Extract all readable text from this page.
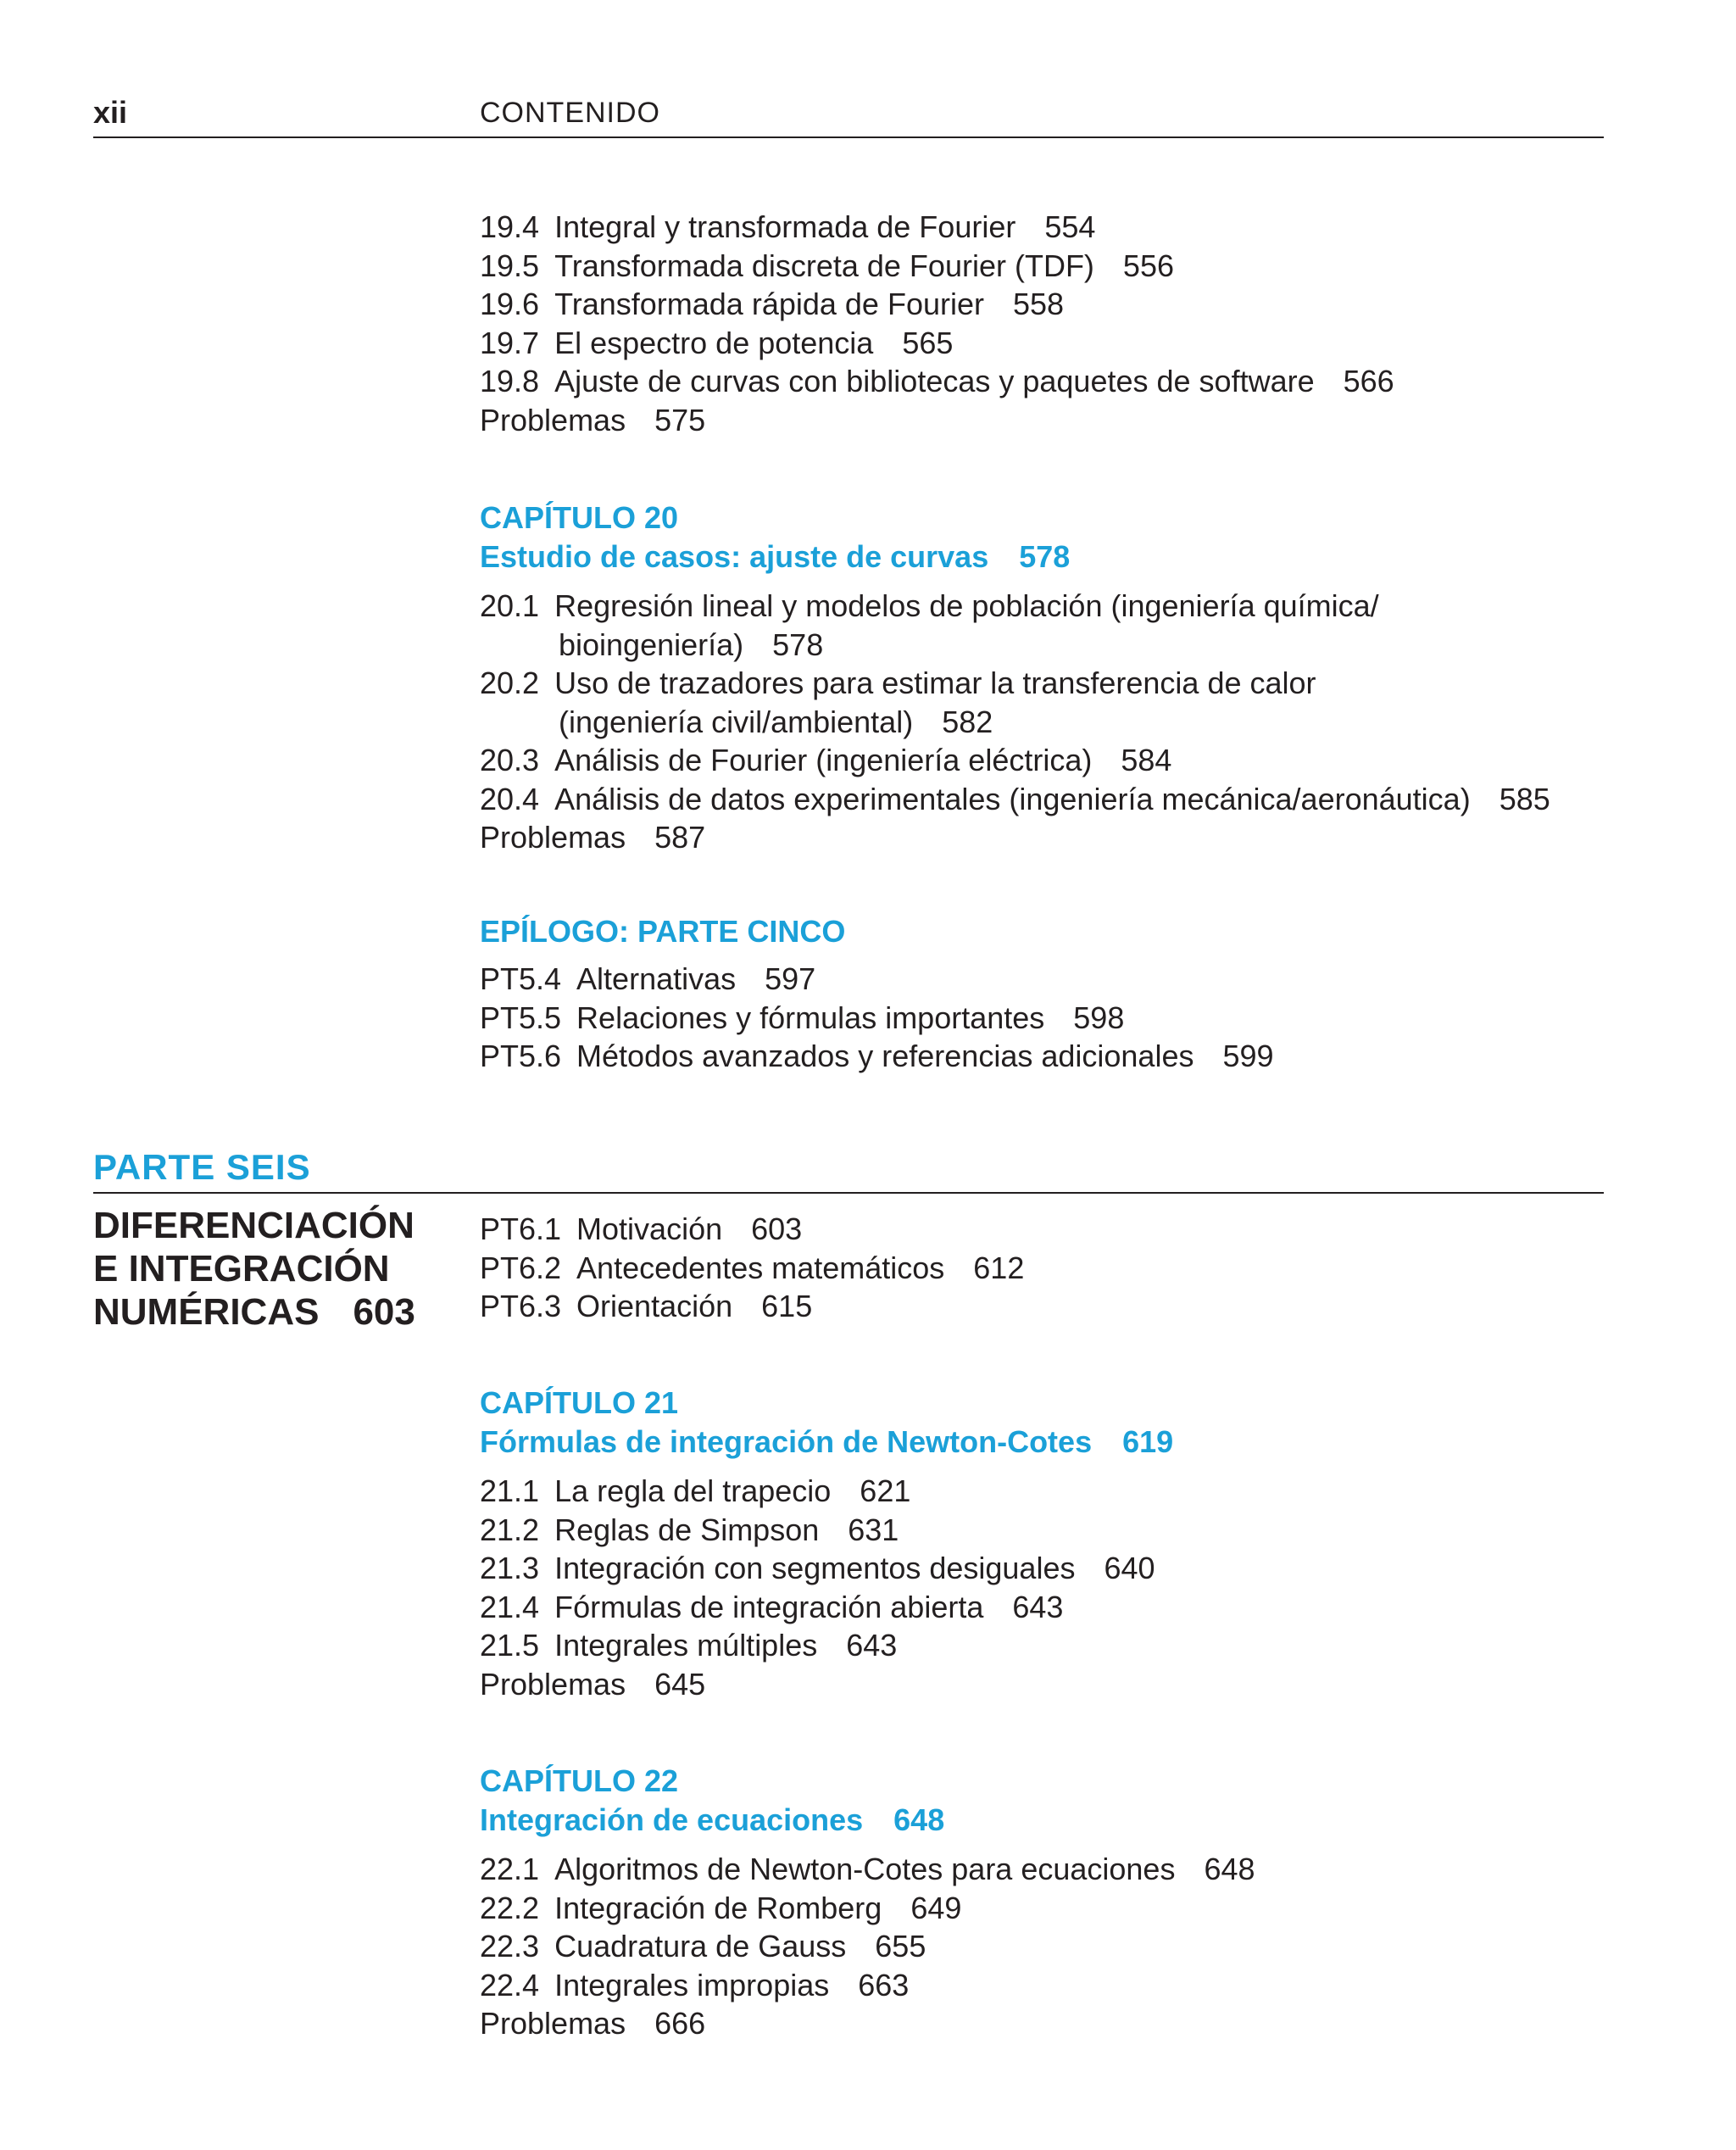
xii	CONTENIDO
19.4 Integral y transformada de Fourier 554
19.5 Transformada discreta de Fourier (TDF) 556
19.6 Transformada rápida de Fourier 558
19.7 El espectro de potencia 565
19.8 Ajuste de curvas con bibliotecas y paquetes de software 566
Problemas 575
CAPÍTULO 20
Estudio de casos: ajuste de curvas 578
20.1 Regresión lineal y modelos de población (ingeniería química/
bioingeniería) 578
20.2 Uso de trazadores para estimar la transferencia de calor
(ingeniería civil/ambiental) 582
20.3 Análisis de Fourier (ingeniería eléctrica) 584
20.4 Análisis de datos experimentales (ingeniería mecánica/aeronáutica) 585
Problemas 587
EPÍLOGO: PARTE CINCO
PT5.4 Alternativas 597
PT5.5 Relaciones y fórmulas importantes 598
PT5.6 Métodos avanzados y referencias adicionales 599
PARTE SEIS
DIFERENCIACIÓN
E INTEGRACIÓN
NUMÉRICAS 603
PT6.1 Motivación 603
PT6.2 Antecedentes matemáticos 612
PT6.3 Orientación 615
CAPÍTULO 21
Fórmulas de integración de Newton-Cotes 619
21.1 La regla del trapecio 621
21.2 Reglas de Simpson 631
21.3 Integración con segmentos desiguales 640
21.4 Fórmulas de integración abierta 643
21.5 Integrales múltiples 643
Problemas 645
CAPÍTULO 22
Integración de ecuaciones 648
22.1 Algoritmos de Newton-Cotes para ecuaciones 648
22.2 Integración de Romberg 649
22.3 Cuadratura de Gauss 655
22.4 Integrales impropias 663
Problemas 666
